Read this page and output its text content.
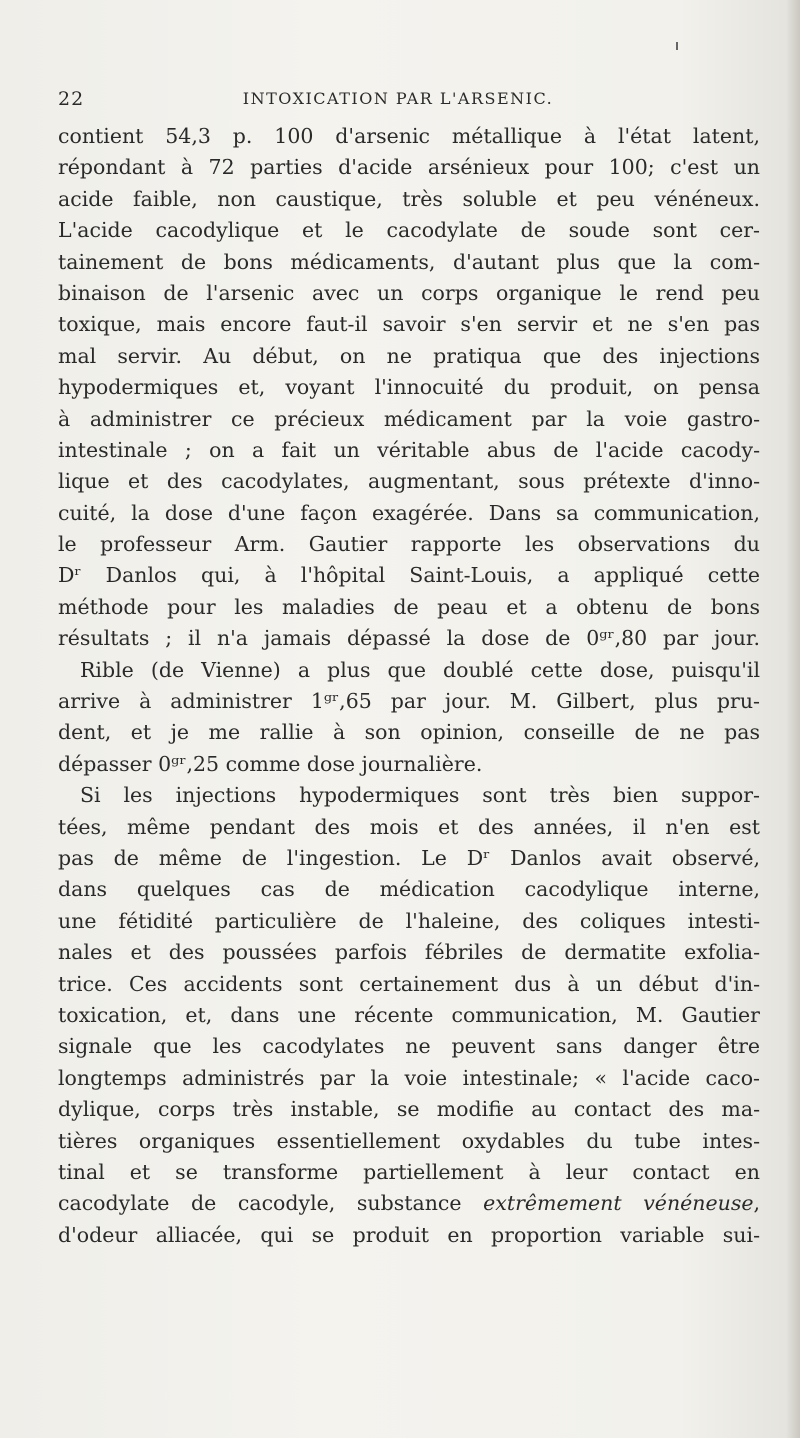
22	INTOXICATION PAR L'ARSENIC.
contient 54,3 p. 100 d'arsenic métallique à l'état latent,
répondant à 72 parties d'acide arsénieux pour 100; c'est un
acide faible, non caustique, très soluble et peu vénéneux.
L'acide cacodylique et le cacodylate de soude sont cer-
tainement de bons médicaments, d'autant plus que la com-
binaison de l'arsenic avec un corps organique le rend peu
toxique, mais encore faut-il savoir s'en servir et ne s'en pas
mal servir. Au début, on ne pratiqua que des injections
hypodermiques et, voyant l'innocuité du produit, on pensa
à administrer ce précieux médicament par la voie gastro-
intestinale ; on a fait un véritable abus de l'acide cacody-
lique et des cacodylates, augmentant, sous prétexte d'inno-
cuité, la dose d'une façon exagérée. Dans sa communication,
le professeur Arm. Gautier rapporte les observations du
Dʳ Danlos qui, à l'hôpital Saint-Louis, a appliqué cette
méthode pour les maladies de peau et a obtenu de bons
résultats ; il n'a jamais dépassé la dose de 0ᵍʳ,80 par jour.
Rible (de Vienne) a plus que doublé cette dose, puisqu'il
arrive à administrer 1ᵍʳ,65 par jour. M. Gilbert, plus pru-
dent, et je me rallie à son opinion, conseille de ne pas
dépasser 0ᵍʳ,25 comme dose journalière.
Si les injections hypodermiques sont très bien suppor-
tées, même pendant des mois et des années, il n'en est
pas de même de l'ingestion. Le Dʳ Danlos avait observé,
dans quelques cas de médication cacodylique interne,
une fétidité particulière de l'haleine, des coliques intesti-
nales et des poussées parfois fébriles de dermatite exfolia-
trice. Ces accidents sont certainement dus à un début d'in-
toxication, et, dans une récente communication, M. Gautier
signale que les cacodylates ne peuvent sans danger être
longtemps administrés par la voie intestinale; « l'acide caco-
dylique, corps très instable, se modifie au contact des ma-
tières organiques essentiellement oxydables du tube intes-
tinal et se transforme partiellement à leur contact en
cacodylate de cacodyle, substance extrêmement vénéneuse,
d'odeur alliacée, qui se produit en proportion variable sui-
